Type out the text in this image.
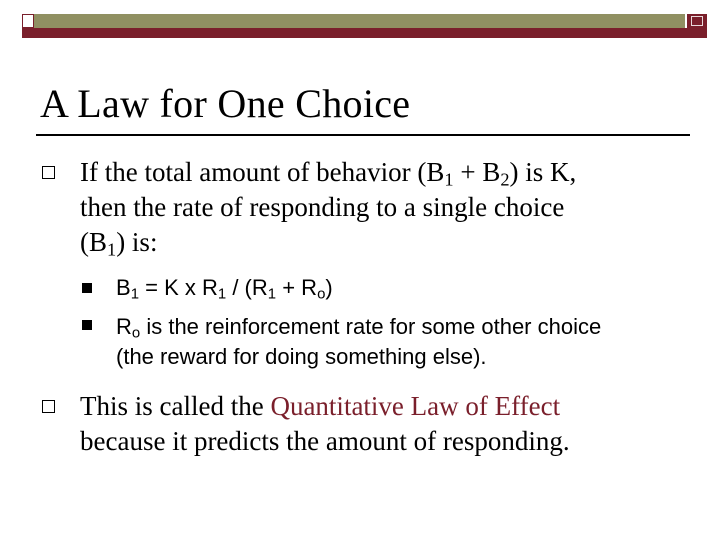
A Law for One Choice

If the total amount of behavior $(B_1 + B_2)$ is K,
then the rate of responding to a single choice
$(B_1)$ is:

$B_1 = K$ x $R_1 / (R_1 + R_o)$

$R_o$ is the reinforcement rate for some other choice
(the reward for doing something else).

This is called the Quantitative Law of Effect
because it predicts the amount of responding.
